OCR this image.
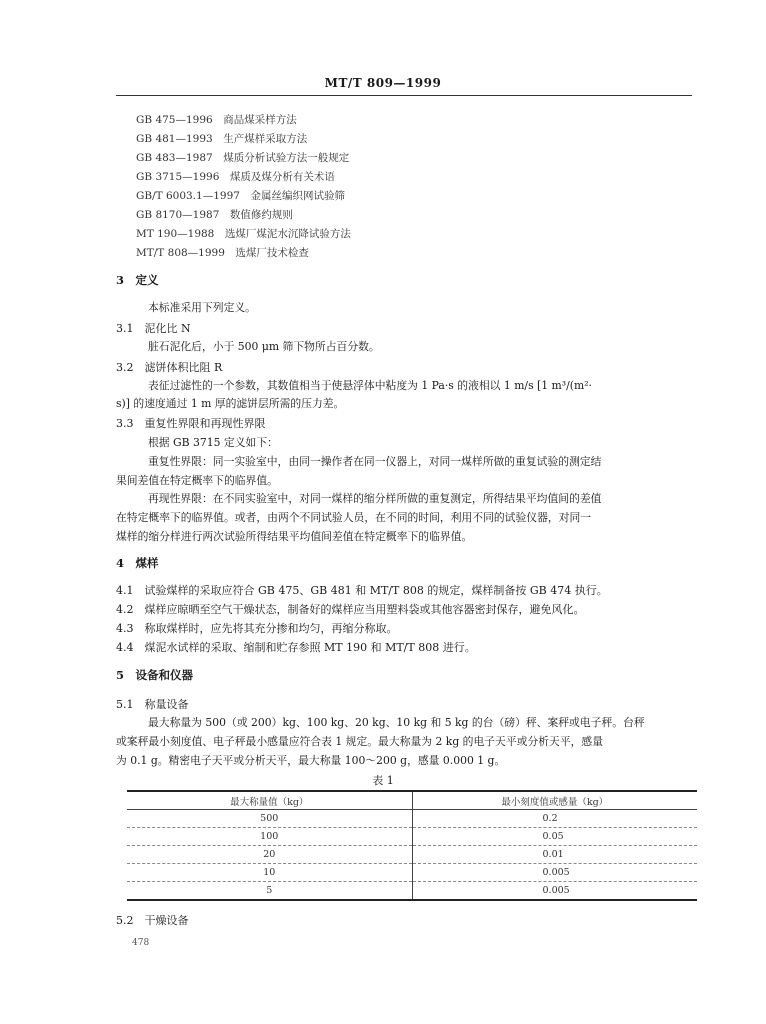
MT/T 809—1999
GB 475—1996　商品煤采样方法
GB 481—1993　生产煤样采取方法
GB 483—1987　煤质分析试验方法一般规定
GB 3715—1996　煤质及煤分析有关术语
GB/T 6003.1—1997　金属丝编织网试验筛
GB 8170—1987　数值修约规则
MT 190—1988　选煤厂煤泥水沉降试验方法
MT/T 808—1999　选煤厂技术检查
3　定义
本标准采用下列定义。
3.1　泥化比 N
脏石泥化后，小于 500 μm 筛下物所占百分数。
3.2　滤饼体积比阻 R
表征过滤性的一个参数，其数值相当于使悬浮体中粘度为 1 Pa·s 的液相以 1 m/s [1 m³/(m²·
s)] 的速度通过 1 m 厚的滤饼层所需的压力差。
3.3　重复性界限和再现性界限
根据 GB 3715 定义如下：
重复性界限：同一实验室中，由同一操作者在同一仪器上，对同一煤样所做的重复试验的测定结
果间差值在特定概率下的临界值。
再现性界限：在不同实验室中，对同一煤样的缩分样所做的重复测定，所得结果平均值间的差值
在特定概率下的临界值。或者，由两个不同试验人员，在不同的时间，利用不同的试验仪器，对同一
煤样的缩分样进行两次试验所得结果平均值间差值在特定概率下的临界值。
4　煤样
4.1　试验煤样的采取应符合 GB 475、GB 481 和 MT/T 808 的规定，煤样制备按 GB 474 执行。
4.2　煤样应晾晒至空气干燥状态，制备好的煤样应当用塑料袋或其他容器密封保存，避免风化。
4.3　称取煤样时，应先将其充分掺和均匀，再缩分称取。
4.4　煤泥水试样的采取、缩制和贮存参照 MT 190 和 MT/T 808 进行。
5　设备和仪器
5.1　称量设备
最大称量为 500（或 200）kg、100 kg、20 kg、10 kg 和 5 kg 的台（磅）秤、案秤或电子秤。台秤
或案秤最小刻度值、电子秤最小感量应符合表 1 规定。最大称量为 2 kg 的电子天平或分析天平，感量
为 0.1 g。精密电子天平或分析天平，最大称量 100～200 g，感量 0.000 1 g。
表 1
最大称量值（kg）	最小刻度值或感量（kg）
500	0.2
100	0.05
20	0.01
10	0.005
5	0.005
5.2　干燥设备
478
